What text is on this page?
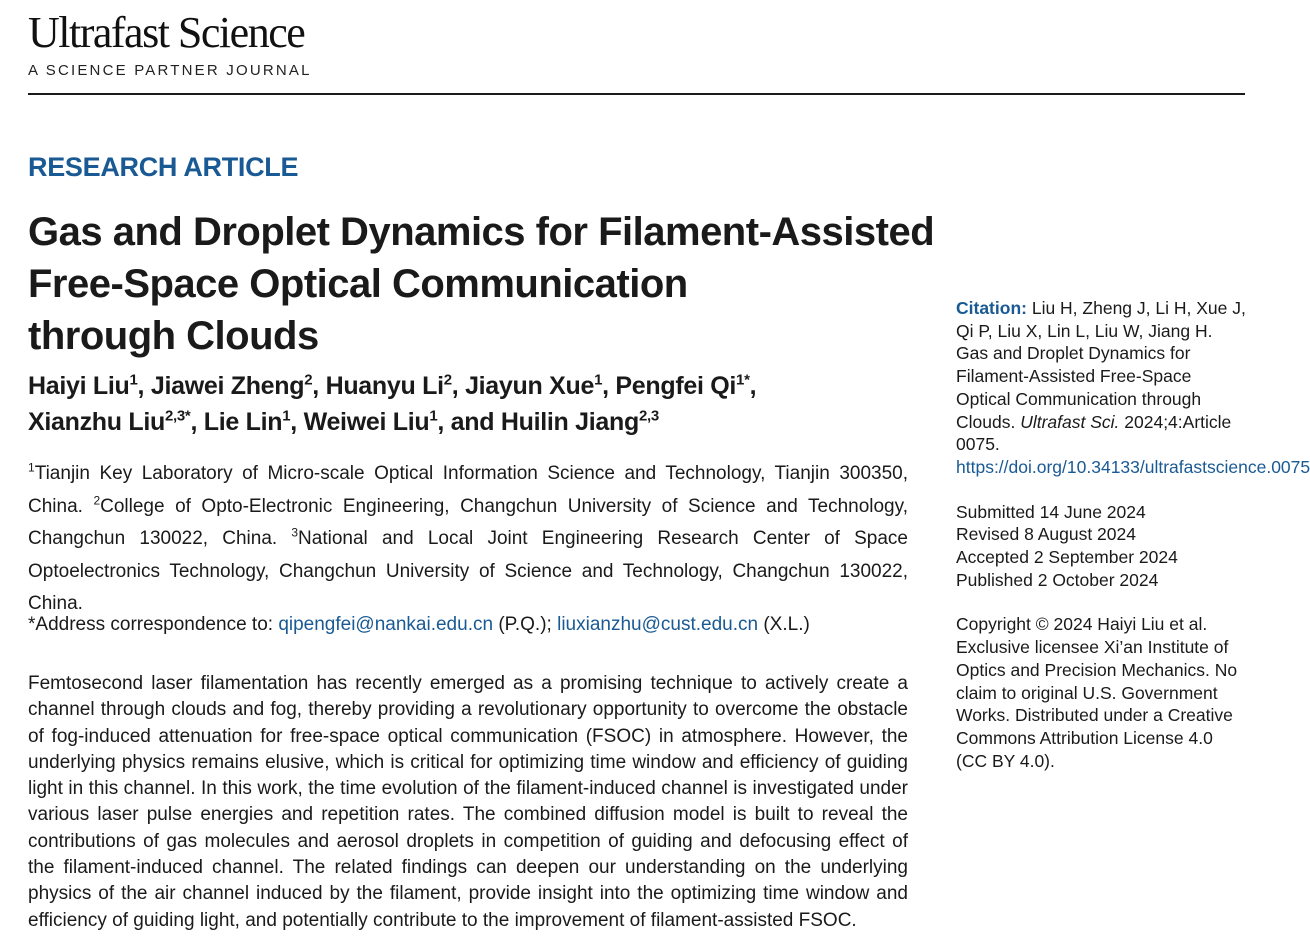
Ultrafast Science
A SCIENCE PARTNER JOURNAL
RESEARCH ARTICLE
Gas and Droplet Dynamics for Filament-Assisted
Free-Space Optical Communication
through Clouds
Haiyi Liu$^1$, Jiawei Zheng$^2$, Huanyu Li$^2$, Jiayun Xue$^1$, Pengfei $Qi^{1*}$,
Xianzhu Liu$^{2,3*}$, Lie Lin$^1$, Weiwei Liu$^1$, and Huilin Jiang$^{2,3}$
$^1$Tianjin Key Laboratory of Micro-scale Optical Information Science and Technology, Tianjin 300350, China. $^2$College of Opto-Electronic Engineering, Changchun University of Science and Technology, Changchun 130022, China. $^3$National and Local Joint Engineering Research Center of Space Optoelectronics Technology, Changchun University of Science and Technology, Changchun 130022, China.
*Address correspondence to: qipengfei@nankai.edu.cn (P.Q.); liuxianzhu@cust.edu.cn (X.L.)
Femtosecond laser filamentation has recently emerged as a promising technique to actively create a channel through clouds and fog, thereby providing a revolutionary opportunity to overcome the obstacle of fog-induced attenuation for free-space optical communication (FSOC) in atmosphere. However, the underlying physics remains elusive, which is critical for optimizing time window and efficiency of guiding light in this channel. In this work, the time evolution of the filament-induced channel is investigated under various laser pulse energies and repetition rates. The combined diffusion model is built to reveal the contributions of gas molecules and aerosol droplets in competition of guiding and defocusing effect of the filament-induced channel. The related findings can deepen our understanding on the underlying physics of the air channel induced by the filament, provide insight into the optimizing time window and efficiency of guiding light, and potentially contribute to the improvement of filament-assisted FSOC.
Citation: Liu H, Zheng J, Li H, Xue J, Qi P, Liu X, Lin L, Liu W, Jiang H. Gas and Droplet Dynamics for Filament-Assisted Free-Space Optical Communication through Clouds. Ultrafast Sci. 2024;4:Article 0075. https://doi.org/10.34133/ultrafastscience.0075
Submitted 14 June 2024
Revised 8 August 2024
Accepted 2 September 2024
Published 2 October 2024
Copyright © 2024 Haiyi Liu et al. Exclusive licensee Xi’an Institute of Optics and Precision Mechanics. No claim to original U.S. Government Works. Distributed under a Creative Commons Attribution License 4.0 (CC BY 4.0).
